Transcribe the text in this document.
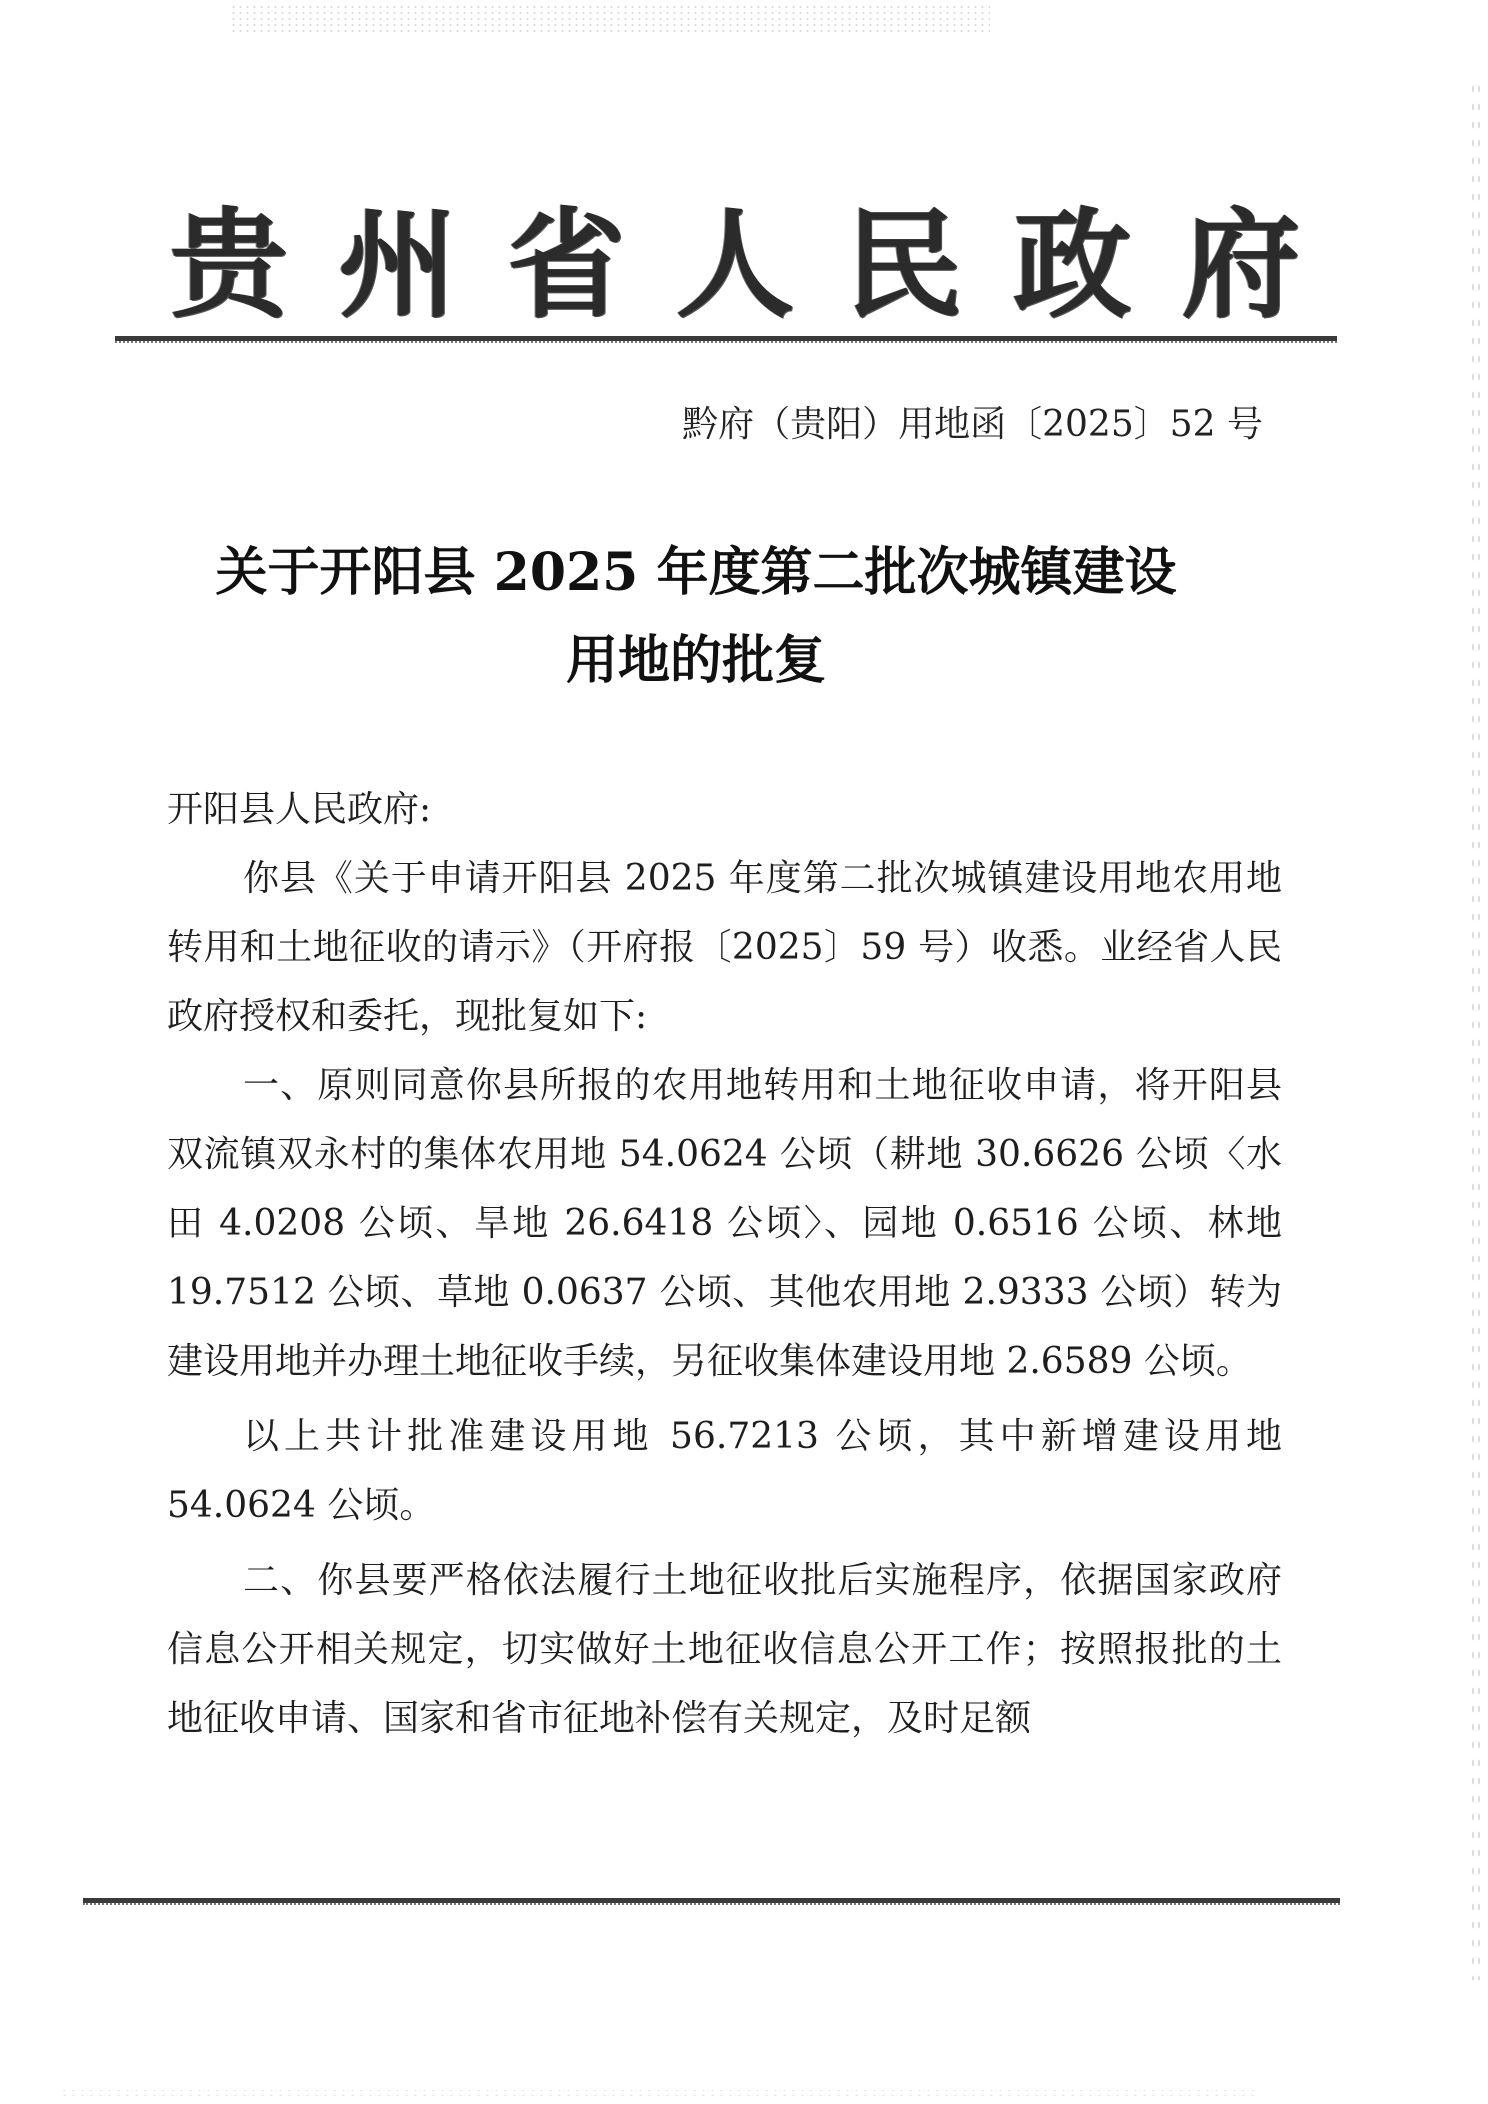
贵 州 省 人 民 政 府
黔府（贵阳）用地函〔2025〕52 号
关于开阳县 2025 年度第二批次城镇建设
用地的批复

开阳县人民政府:

你县《关于申请开阳县 2025 年度第二批次城镇建设用地农用地转用和土地征收的请示》（开府报〔2025〕59 号）收悉。业经省人民政府授权和委托，现批复如下:

一、原则同意你县所报的农用地转用和土地征收申请，将开阳县双流镇双永村的集体农用地 54.0624 公顷（耕地 30.6626 公顷〈水田 4.0208 公顷、旱地 26.6418 公顷〉、园地 0.6516 公顷、林地 19.7512 公顷、草地 0.0637 公顷、其他农用地 2.9333 公顷）转为建设用地并办理土地征收手续，另征收集体建设用地 2.6589 公顷。

以上共计批准建设用地 56.7213 公顷，其中新增建设用地 54.0624 公顷。

二、你县要严格依法履行土地征收批后实施程序，依据国家政府信息公开相关规定，切实做好土地征收信息公开工作；按照报批的土地征收申请、国家和省市征地补偿有关规定，及时足额
